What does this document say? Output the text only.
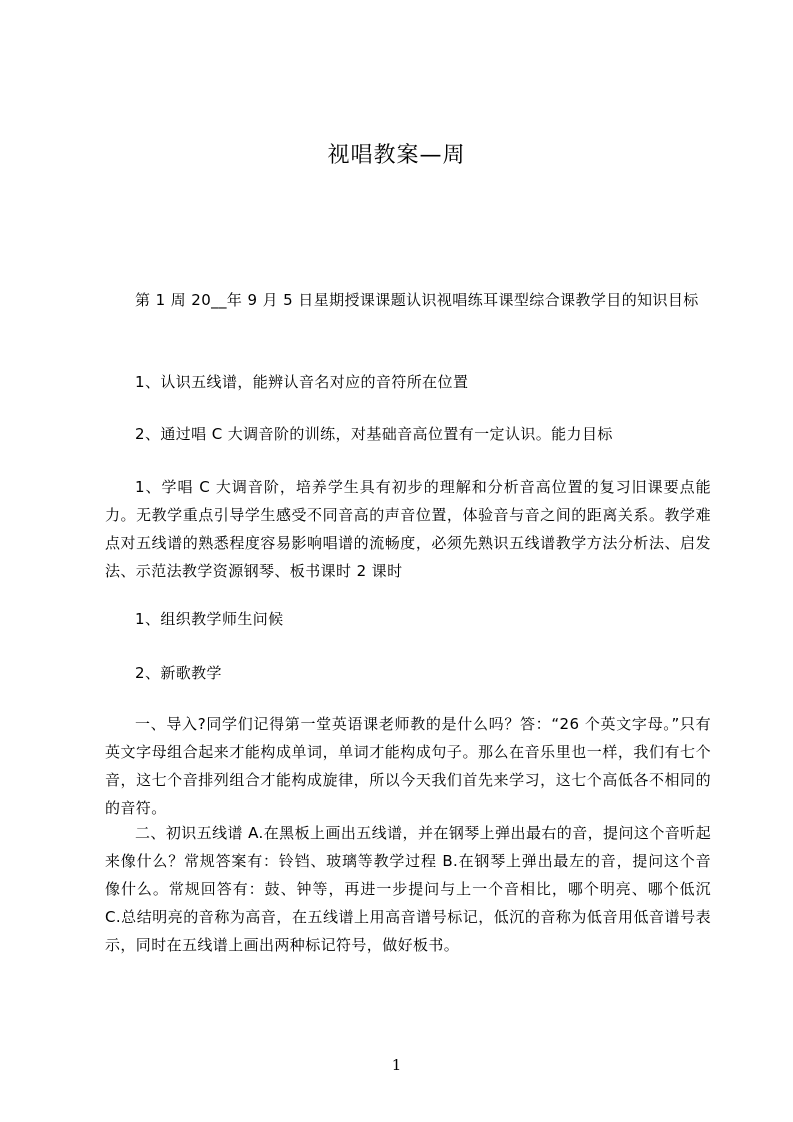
视唱教案—周

第 1 周 20__年 9 月 5 日星期授课课题认识视唱练耳课型综合课教学目的知识目标

1、认识五线谱，能辨认音名对应的音符所在位置

2、通过唱 C 大调音阶的训练，对基础音高位置有一定认识。能力目标

1、学唱 C 大调音阶，培养学生具有初步的理解和分析音高位置的复习旧课要点能力。无教学重点引导学生感受不同音高的声音位置，体验音与音之间的距离关系。教学难点对五线谱的熟悉程度容易影响唱谱的流畅度，必须先熟识五线谱教学方法分析法、启发法、示范法教学资源钢琴、板书课时 2 课时

1、组织教学师生问候

2、新歌教学

一、导入?同学们记得第一堂英语课老师教的是什么吗？答：“26 个英文字母。”只有英文字母组合起来才能构成单词，单词才能构成句子。那么在音乐里也一样，我们有七个音，这七个音排列组合才能构成旋律，所以今天我们首先来学习，这七个高低各不相同的的音符。

二、初识五线谱 A.在黑板上画出五线谱，并在钢琴上弹出最右的音，提问这个音听起来像什么？常规答案有：铃铛、玻璃等教学过程 B.在钢琴上弹出最左的音，提问这个音像什么。常规回答有：鼓、钟等，再进一步提问与上一个音相比，哪个明亮、哪个低沉 C.总结明亮的音称为高音，在五线谱上用高音谱号标记，低沉的音称为低音用低音谱号表示，同时在五线谱上画出两种标记符号，做好板书。

1
